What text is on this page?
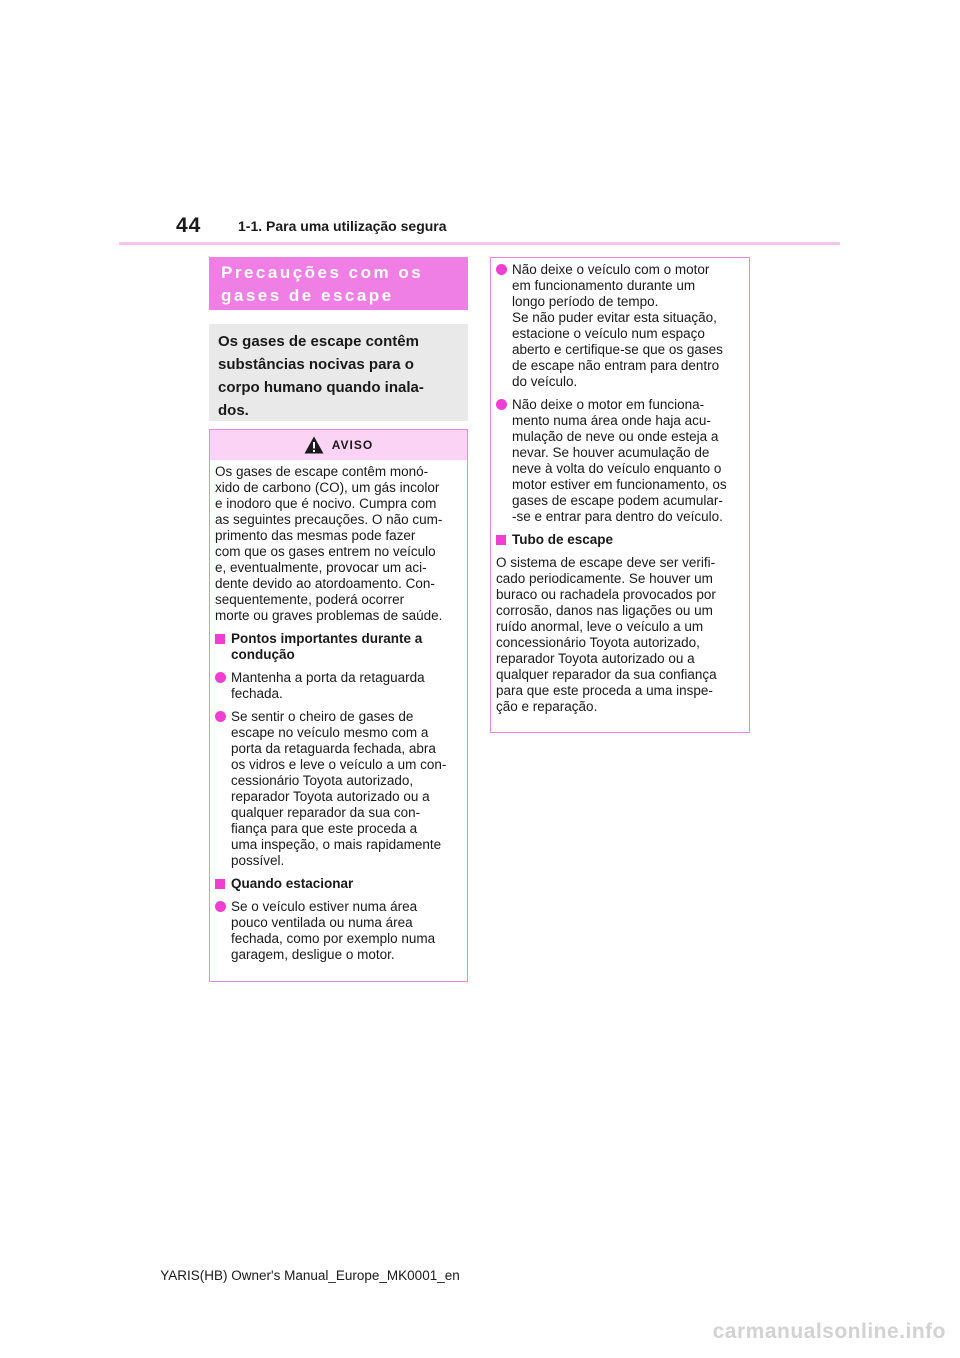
44	1-1. Para uma utilização segura
Precauções com os
gases de escape
Os gases de escape contêm
substâncias nocivas para o
corpo humano quando inala-
dos.
AVISO
Os gases de escape contêm monó-
xido de carbono (CO), um gás incolor
e inodoro que é nocivo. Cumpra com
as seguintes precauções. O não cum-
primento das mesmas pode fazer
com que os gases entrem no veículo
e, eventualmente, provocar um aci-
dente devido ao atordoamento. Con-
sequentemente, poderá ocorrer
morte ou graves problemas de saúde.
Pontos importantes durante a
condução
Mantenha a porta da retaguarda
fechada.
Se sentir o cheiro de gases de
escape no veículo mesmo com a
porta da retaguarda fechada, abra
os vidros e leve o veículo a um con-
cessionário Toyota autorizado,
reparador Toyota autorizado ou a
qualquer reparador da sua con-
fiança para que este proceda a
uma inspeção, o mais rapidamente
possível.
Quando estacionar
Se o veículo estiver numa área
pouco ventilada ou numa área
fechada, como por exemplo numa
garagem, desligue o motor.
Não deixe o veículo com o motor
em funcionamento durante um
longo período de tempo.
Se não puder evitar esta situação,
estacione o veículo num espaço
aberto e certifique-se que os gases
de escape não entram para dentro
do veículo.
Não deixe o motor em funciona-
mento numa área onde haja acu-
mulação de neve ou onde esteja a
nevar. Se houver acumulação de
neve à volta do veículo enquanto o
motor estiver em funcionamento, os
gases de escape podem acumular-
-se e entrar para dentro do veículo.
Tubo de escape
O sistema de escape deve ser verifi-
cado periodicamente. Se houver um
buraco ou rachadela provocados por
corrosão, danos nas ligações ou um
ruído anormal, leve o veículo a um
concessionário Toyota autorizado,
reparador Toyota autorizado ou a
qualquer reparador da sua confiança
para que este proceda a uma inspe-
ção e reparação.
YARIS(HB) Owner's Manual_Europe_MK0001_en
carmanualsonline.info
